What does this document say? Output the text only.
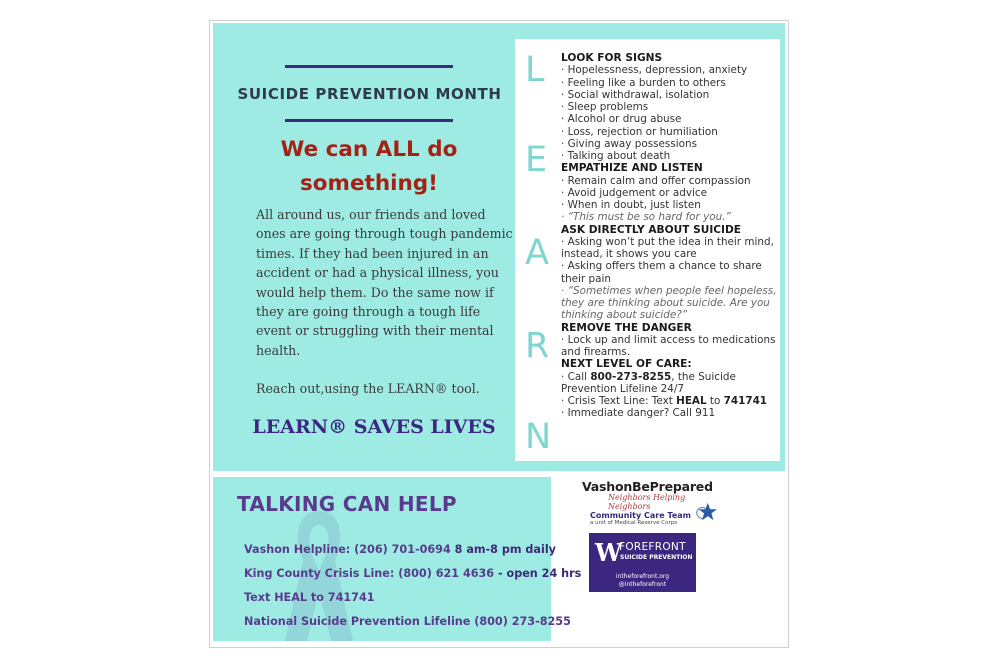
SUICIDE PREVENTION MONTH
We can ALL do
something!

All around us, our friends and loved ones are going through tough pandemic times. If they had been injured in an accident or had a physical illness, you would help them. Do the same now if they are going through a tough life event or struggling with their mental health.

Reach out,using the LEARN® tool.

LEARN® SAVES LIVES
L
E
A
R
N
LOOK FOR SIGNS
· Hopelessness, depression, anxiety
· Feeling like a burden to others
· Social withdrawal, isolation
· Sleep problems
· Alcohol or drug abuse
· Loss, rejection or humiliation
· Giving away possessions
· Talking about death
EMPATHIZE AND LISTEN
· Remain calm and offer compassion
· Avoid judgement or advice
· When in doubt, just listen
· “This must be so hard for you.”
ASK DIRECTLY ABOUT SUICIDE
· Asking won’t put the idea in their mind, instead, it shows you care
· Asking offers them a chance to share their pain
· “Sometimes when people feel hopeless, they are thinking about suicide. Are you thinking about suicide?”
REMOVE THE DANGER
· Lock up and limit access to medications and firearms.
NEXT LEVEL OF CARE:
· Call 800-273-8255, the Suicide Prevention Lifeline 24/7
· Crisis Text Line: Text HEAL to 741741
· Immediate danger? Call 911
TALKING CAN HELP
Vashon Helpline: (206) 701-0694 8 am-8 pm daily
King County Crisis Line: (800) 621 4636 - open 24 hrs
Text HEAL to 741741
National Suicide Prevention Lifeline (800) 273-8255
VashonBePrepared
Neighbors Helping Neighbors
Community Care Team
a unit of Medical Reserve Corps
W
FOREFRONT
SUICIDE PREVENTION
intheforefront.org
@intheforefront
